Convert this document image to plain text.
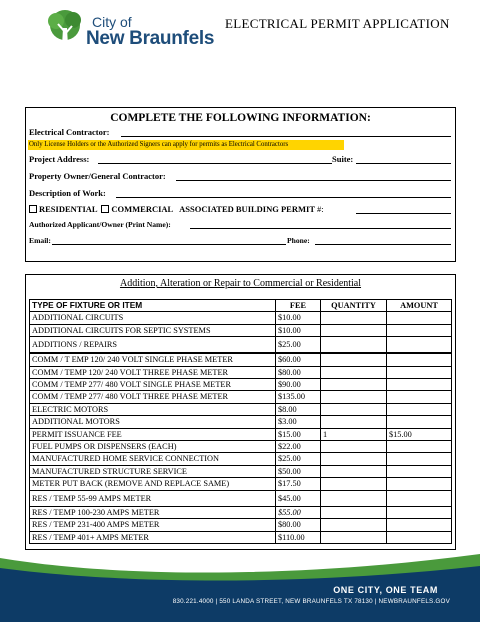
City of
New Braunfels
ELECTRICAL PERMIT APPLICATION
COMPLETE THE FOLLOWING INFORMATION:
Electrical Contractor:
Only License Holders or the Authorized Signers can apply for permits as Electrical Contractors
Project Address:	Suite:
Property Owner/General Contractor:
Description of Work:
RESIDENTIAL COMMERCIAL ASSOCIATED BUILDING PERMIT #:
Authorized Applicant/Owner (Print Name):
Email:	Phone:
Addition, Alteration or Repair to Commercial or Residential
TYPE OF FIXTURE OR ITEM	FEE	QUANTITY	AMOUNT
ADDITIONAL CIRCUITS	$10.00		
ADDITIONAL CIRCUITS FOR SEPTIC SYSTEMS	$10.00		
ADDITIONS / REPAIRS	$25.00		

COMM / T EMP 120/ 240 VOLT SINGLE PHASE METER	$60.00		
COMM / TEMP 120/ 240 VOLT THREE PHASE METER	$80.00		
COMM / TEMP 277/ 480 VOLT SINGLE PHASE METER	$90.00		
COMM / TEMP 277/ 480 VOLT THREE PHASE METER	$135.00		
ELECTRIC MOTORS	$8.00		
ADDITIONAL MOTORS	$3.00		
PERMIT ISSUANCE FEE	$15.00	1	$15.00
FUEL PUMPS OR DISPENSERS (EACH)	$22.00		
MANUFACTURED HOME SERVICE CONNECTION	$25.00		
MANUFACTURED STRUCTURE SERVICE	$50.00		
METER PUT BACK (REMOVE AND REPLACE SAME)	$17.50		
RES / TEMP 55-99 AMPS METER	$45.00		
RES / TEMP 100-230 AMPS METER	$55.00		
RES / TEMP 231-400 AMPS METER	$80.00		
RES / TEMP 401+ AMPS METER	$110.00		
ONE CITY, ONE TEAM
830.221.4000 | 550 LANDA STREET, NEW BRAUNFELS TX 78130 | NEWBRAUNFELS.GOV
